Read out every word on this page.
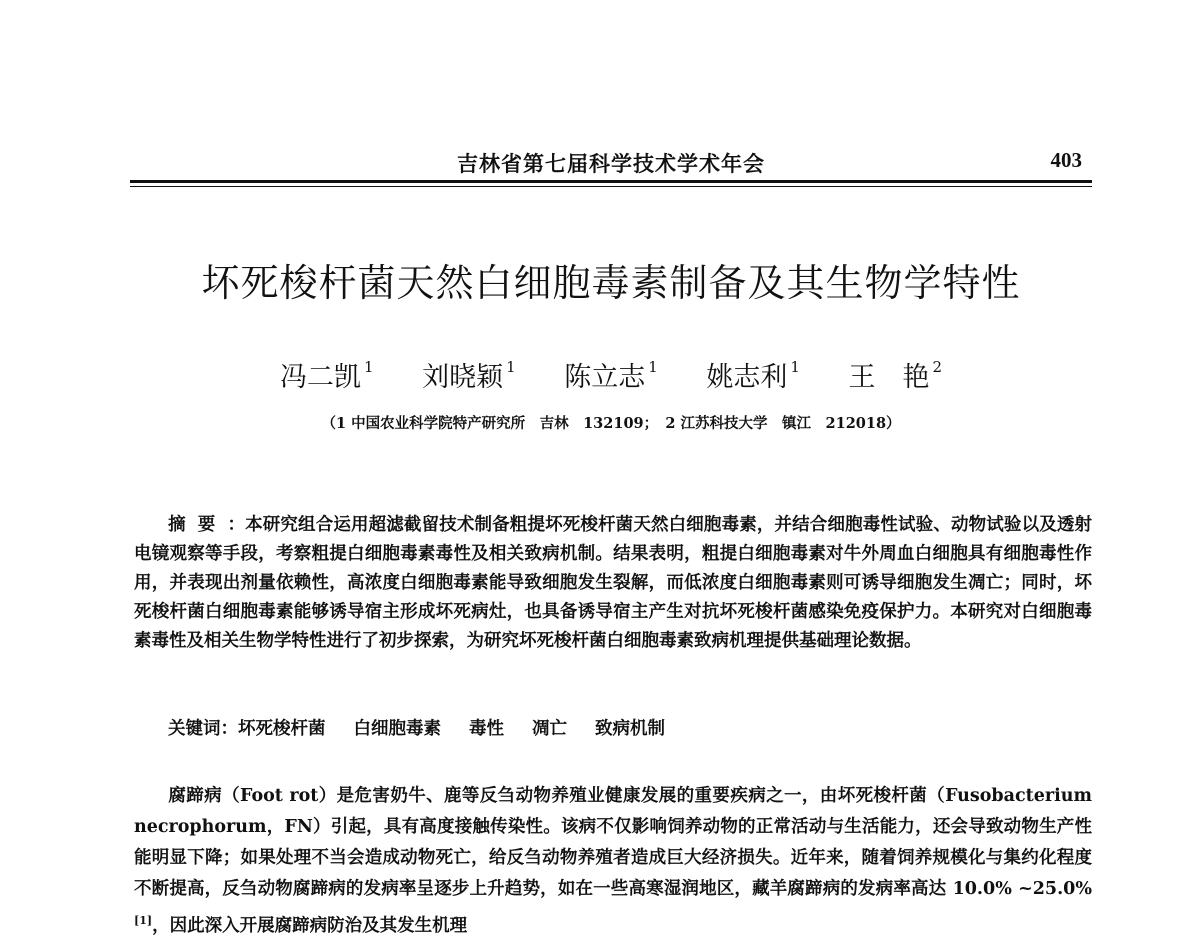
吉林省第七届科学技术学术年会	403
坏死梭杆菌天然白细胞毒素制备及其生物学特性
冯二凯 $^1$ 刘晓颖 $^1$ 陈立志 $^1$ 姚志利 $^1$ 王　艳 $^2$
（1 中国农业科学院特产研究所　吉林　132109；　2 江苏科技大学　镇江　212018）

摘要：本研究组合运用超滤截留技术制备粗提坏死梭杆菌天然白细胞毒素，并结合细胞毒性试验、动物试验以及透射电镜观察等手段，考察粗提白细胞毒素毒性及相关致病机制。结果表明，粗提白细胞毒素对牛外周血白细胞具有细胞毒性作用，并表现出剂量依赖性，高浓度白细胞毒素能导致细胞发生裂解，而低浓度白细胞毒素则可诱导细胞发生凋亡；同时，坏死梭杆菌白细胞毒素能够诱导宿主形成坏死病灶，也具备诱导宿主产生对抗坏死梭杆菌感染免疫保护力。本研究对白细胞毒素毒性及相关生物学特性进行了初步探索，为研究坏死梭杆菌白细胞毒素致病机理提供基础理论数据。

关键词：坏死梭杆菌 白细胞毒素 毒性 凋亡 致病机制

腐蹄病（Foot rot）是危害奶牛、鹿等反刍动物养殖业健康发展的重要疾病之一，由坏死梭杆菌（Fusobacterium necrophorum，FN）引起，具有高度接触传染性。该病不仅影响饲养动物的正常活动与生活能力，还会导致动物生产性能明显下降；如果处理不当会造成动物死亡，给反刍动物养殖者造成巨大经济损失。近年来，随着饲养规模化与集约化程度不断提高，反刍动物腐蹄病的发病率呈逐步上升趋势，如在一些高寒湿润地区，藏羊腐蹄病的发病率高达 10.0% ~25.0%[1]，因此深入开展腐蹄病防治及其发生机理
